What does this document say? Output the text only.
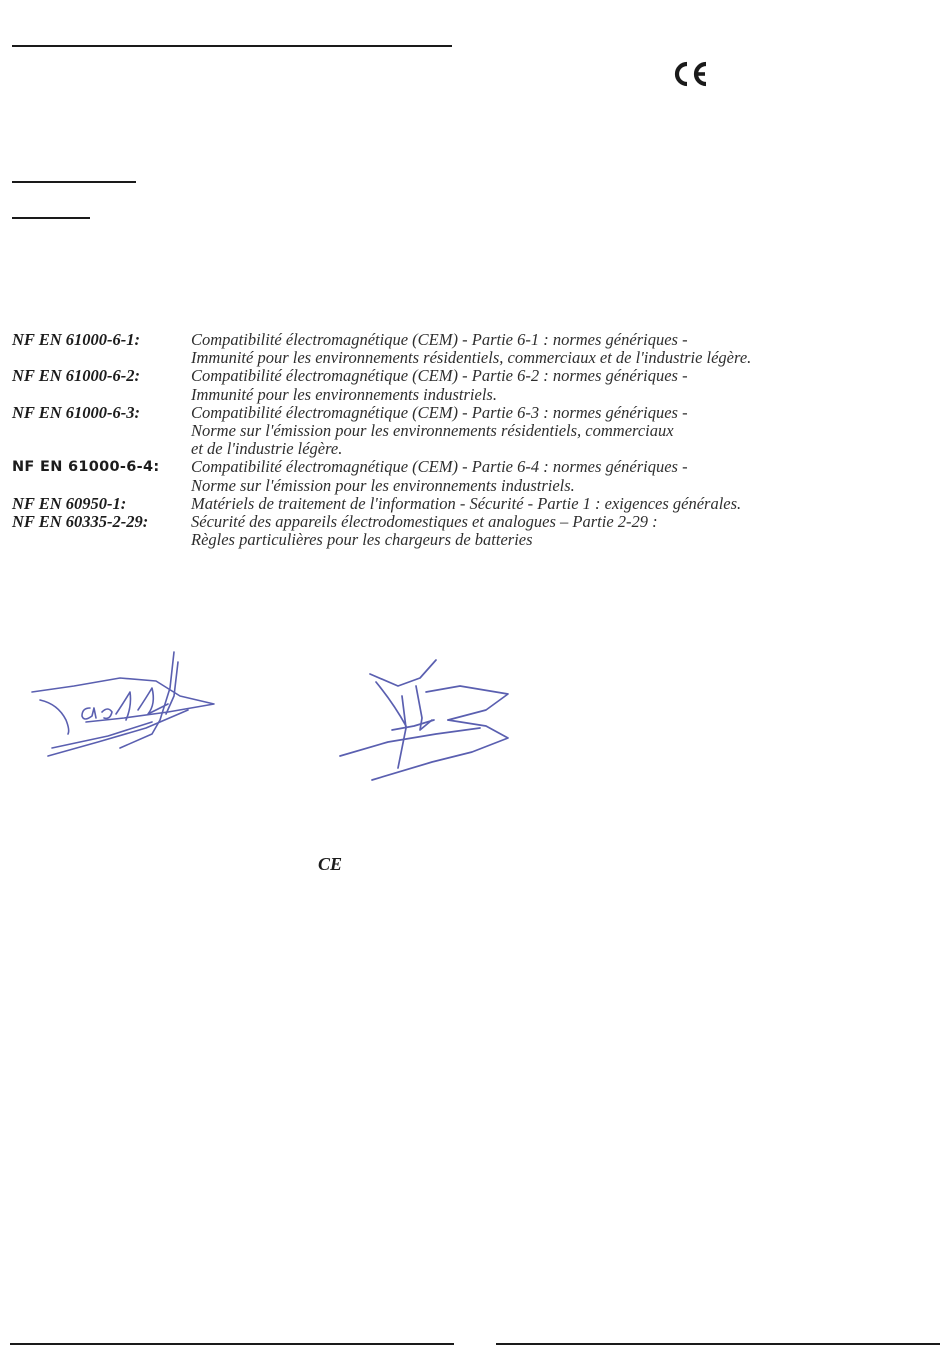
NF EN 61000-6-1:	Compatibilité électromagnétique (CEM) - Partie 6-1 : normes génériques -
Immunité pour les environnements résidentiels, commerciaux et de l'industrie légère.
NF EN 61000-6-2:	Compatibilité électromagnétique (CEM) - Partie 6-2 : normes génériques -
Immunité pour les environnements industriels.
NF EN 61000-6-3:	Compatibilité électromagnétique (CEM) - Partie 6-3 : normes génériques -
Norme sur l'émission pour les environnements résidentiels, commerciaux
et de l'industrie légère.
NF EN 61000-6-4:	Compatibilité électromagnétique (CEM) - Partie 6-4 : normes génériques -
Norme sur l'émission pour les environnements industriels.
NF EN 60950-1:	Matériels de traitement de l'information - Sécurité - Partie 1 : exigences générales.
NF EN 60335-2-29:	Sécurité des appareils électrodomestiques et analogues – Partie 2-29 :
Règles particulières pour les chargeurs de batteries
CE
